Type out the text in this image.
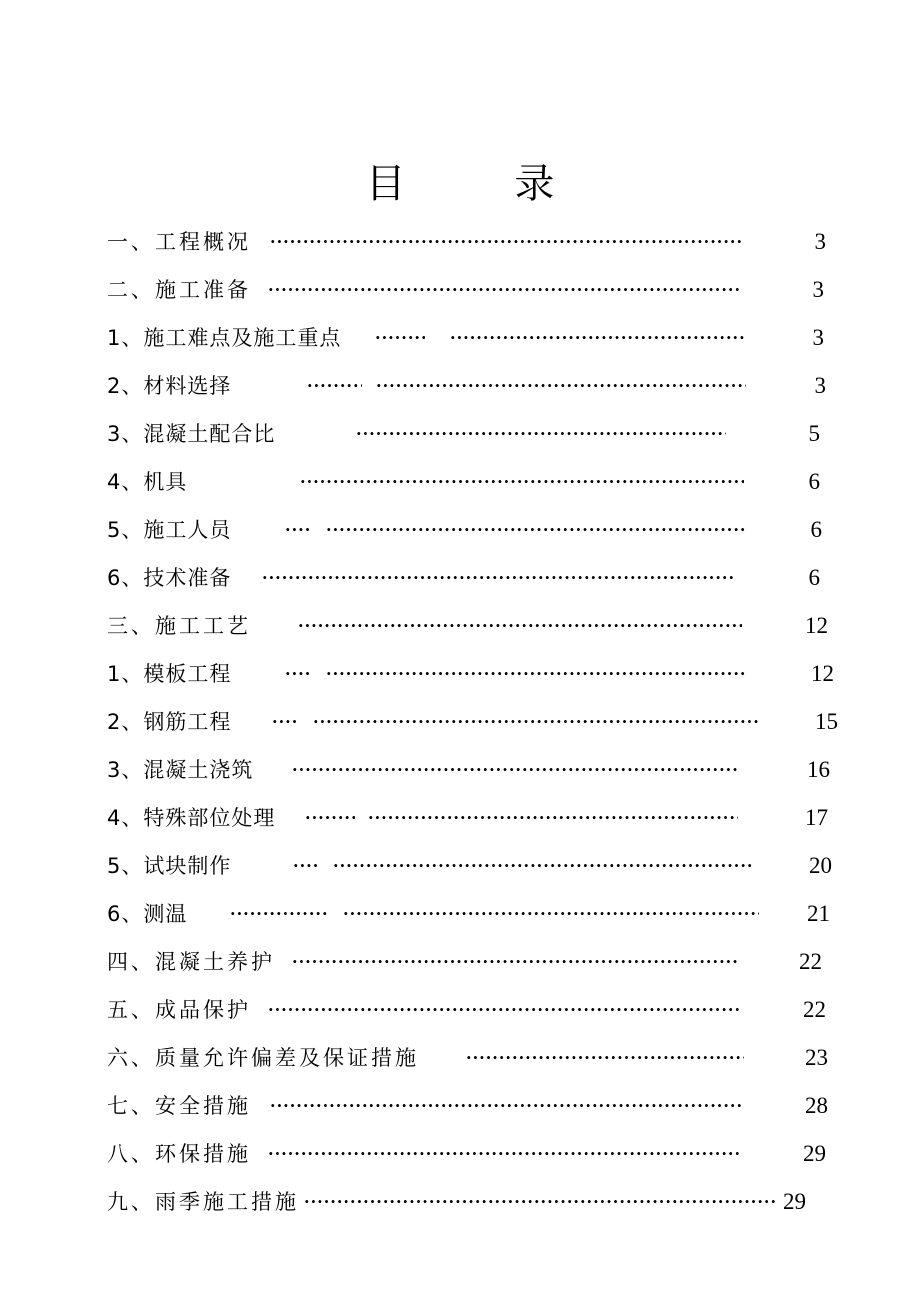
目 录
一、工程概况 ·····	3
二、施工准备 ·····	3
1、施工难点及施工重点 ····· ·····	3
2、材料选择 ····· ·····	3
3、混凝土配合比 ·····	5
4、机具 ·····	6
5、施工人员 ····· ·····	6
6、技术准备 ·····	6
三、施工工艺 ·····	12
1、模板工程 ····· ·····	12
2、钢筋工程 ····· ·····	15
3、混凝土浇筑 ·····	16
4、特殊部位处理 ····· ·····	17
5、试块制作 ····· ·····	20
6、测温 ····· ·····	21
四、混凝土养护 ·····	22
五、成品保护 ·····	22
六、质量允许偏差及保证措施 ·····	23
七、安全措施 ·····	28
八、环保措施 ·····	29
九、雨季施工措施 ·····	29
